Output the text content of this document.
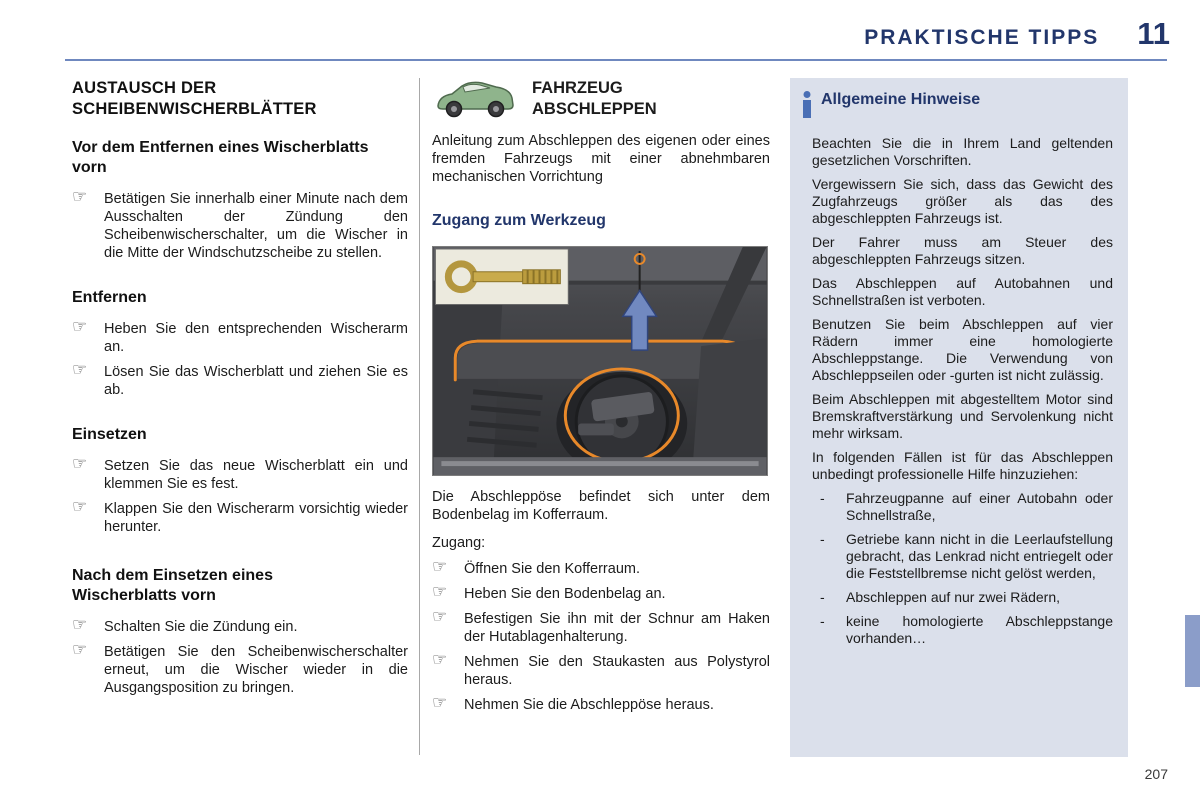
PRAKTISCHE TIPPS 11
AUSTAUSCH DER SCHEIBENWISCHERBLÄTTER
Vor dem Entfernen eines Wischerblatts vorn
☞ Betätigen Sie innerhalb einer Minute nach dem Ausschalten der Zündung den Scheibenwischerschalter, um die Wischer in die Mitte der Windschutzscheibe zu stellen.
Entfernen
☞ Heben Sie den entsprechenden Wischerarm an.
☞ Lösen Sie das Wischerblatt und ziehen Sie es ab.
Einsetzen
☞ Setzen Sie das neue Wischerblatt ein und klemmen Sie es fest.
☞ Klappen Sie den Wischerarm vorsichtig wieder herunter.
Nach dem Einsetzen eines Wischerblatts vorn
☞ Schalten Sie die Zündung ein.
☞ Betätigen Sie den Scheibenwischerschalter erneut, um die Wischer wieder in die Ausgangsposition zu bringen.
FAHRZEUG ABSCHLEPPEN

Anleitung zum Abschleppen des eigenen oder eines fremden Fahrzeugs mit einer abnehmbaren mechanischen Vorrichtung

Zugang zum Werkzeug

Die Abschleppöse befindet sich unter dem Bodenbelag im Kofferraum.

Zugang:

☞ Öffnen Sie den Kofferraum.
☞ Heben Sie den Bodenbelag an.
☞ Befestigen Sie ihn mit der Schnur am Haken der Hutablagenhalterung.
☞ Nehmen Sie den Staukasten aus Polystyrol heraus.
☞ Nehmen Sie die Abschleppöse heraus.
Allgemeine Hinweise

Beachten Sie die in Ihrem Land geltenden gesetzlichen Vorschriften.

Vergewissern Sie sich, dass das Gewicht des Zugfahrzeugs größer als das des abgeschleppten Fahrzeugs ist.

Der Fahrer muss am Steuer des abgeschleppten Fahrzeugs sitzen.

Das Abschleppen auf Autobahnen und Schnellstraßen ist verboten.

Benutzen Sie beim Abschleppen auf vier Rädern immer eine homologierte Abschleppstange. Die Verwendung von Abschleppseilen oder -gurten ist nicht zulässig.

Beim Abschleppen mit abgestelltem Motor sind Bremskraftverstärkung und Servolenkung nicht mehr wirksam.

In folgenden Fällen ist für das Abschleppen unbedingt professionelle Hilfe hinzuziehen:

- Fahrzeugpanne auf einer Autobahn oder Schnellstraße,
- Getriebe kann nicht in die Leerlaufstellung gebracht, das Lenkrad nicht entriegelt oder die Feststellbremse nicht gelöst werden,
- Abschleppen auf nur zwei Rädern,
- keine homologierte Abschleppstange vorhanden…
207
